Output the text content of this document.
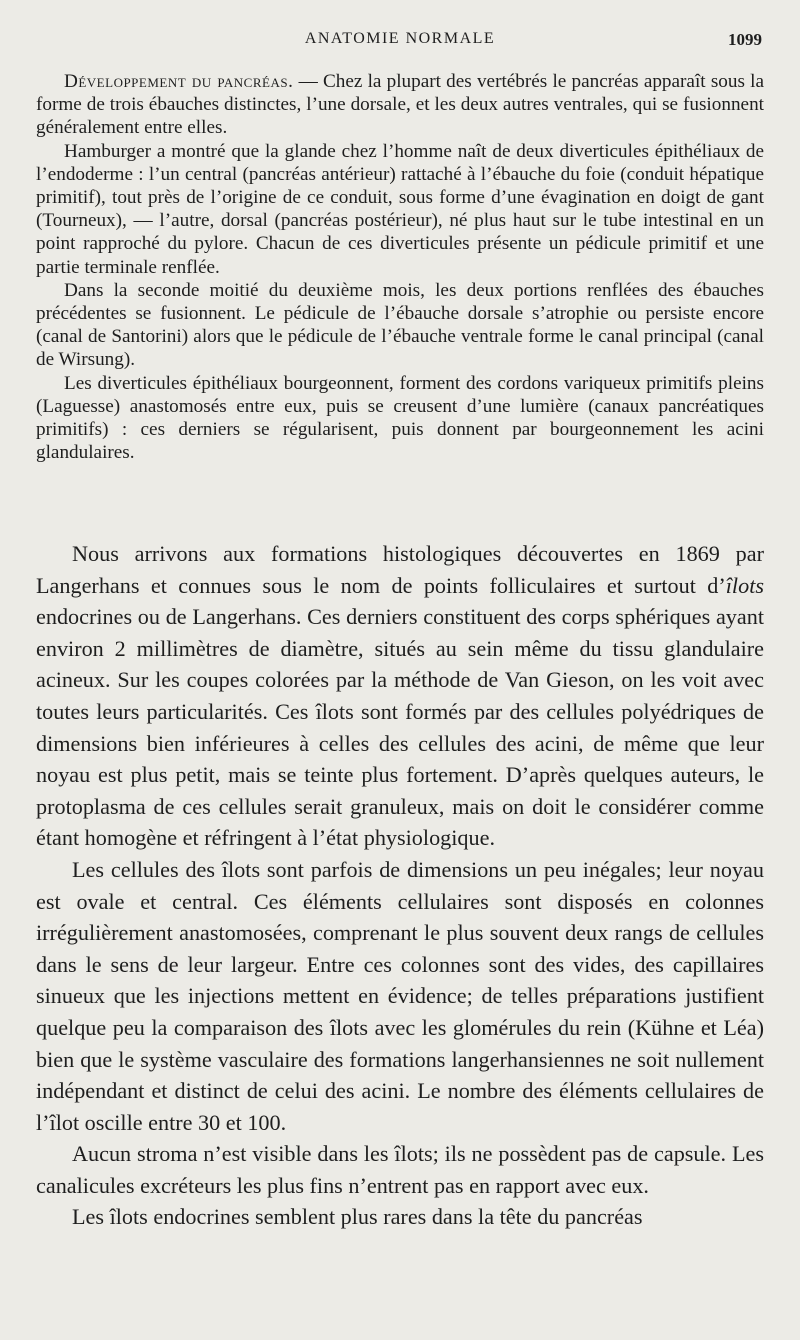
ANATOMIE NORMALE	1099

Développement du pancréas. — Chez la plupart des vertébrés le pancréas apparaît sous la forme de trois ébauches distinctes, l’une dorsale, et les deux autres ventrales, qui se fusionnent généralement entre elles.

Hamburger a montré que la glande chez l’homme naît de deux diverticules épithéliaux de l’endoderme : l’un central (pancréas antérieur) rattaché à l’ébauche du foie (conduit hépatique primitif), tout près de l’origine de ce conduit, sous forme d’une évagination en doigt de gant (Tourneux), — l’autre, dorsal (pancréas postérieur), né plus haut sur le tube intestinal en un point rapproché du pylore. Chacun de ces diverticules présente un pédicule primitif et une partie terminale renflée.

Dans la seconde moitié du deuxième mois, les deux portions renflées des ébauches précédentes se fusionnent. Le pédicule de l’ébauche dorsale s’atrophie ou persiste encore (canal de Santorini) alors que le pédicule de l’ébauche ventrale forme le canal principal (canal de Wirsung).

Les diverticules épithéliaux bourgeonnent, forment des cordons variqueux primitifs pleins (Laguesse) anastomosés entre eux, puis se creusent d’une lumière (canaux pancréatiques primitifs) : ces derniers se régularisent, puis donnent par bourgeonnement les acini glandulaires.

Nous arrivons aux formations histologiques découvertes en 1869 par Langerhans et connues sous le nom de points folliculaires et surtout d’îlots endocrines ou de Langerhans. Ces derniers constituent des corps sphériques ayant environ 2 millimètres de diamètre, situés au sein même du tissu glandulaire acineux. Sur les coupes colorées par la méthode de Van Gieson, on les voit avec toutes leurs particularités. Ces îlots sont formés par des cellules polyédriques de dimensions bien inférieures à celles des cellules des acini, de même que leur noyau est plus petit, mais se teinte plus fortement. D’après quelques auteurs, le protoplasma de ces cellules serait granuleux, mais on doit le considérer comme étant homogène et réfringent à l’état physiologique.

Les cellules des îlots sont parfois de dimensions un peu inégales; leur noyau est ovale et central. Ces éléments cellulaires sont disposés en colonnes irrégulièrement anastomosées, comprenant le plus souvent deux rangs de cellules dans le sens de leur largeur. Entre ces colonnes sont des vides, des capillaires sinueux que les injections mettent en évidence; de telles préparations justifient quelque peu la comparaison des îlots avec les glomérules du rein (Kühne et Léa) bien que le système vasculaire des formations langerhansiennes ne soit nullement indépendant et distinct de celui des acini. Le nombre des éléments cellulaires de l’îlot oscille entre 30 et 100.

Aucun stroma n’est visible dans les îlots; ils ne possèdent pas de capsule. Les canalicules excréteurs les plus fins n’entrent pas en rapport avec eux.

Les îlots endocrines semblent plus rares dans la tête du pancréas
